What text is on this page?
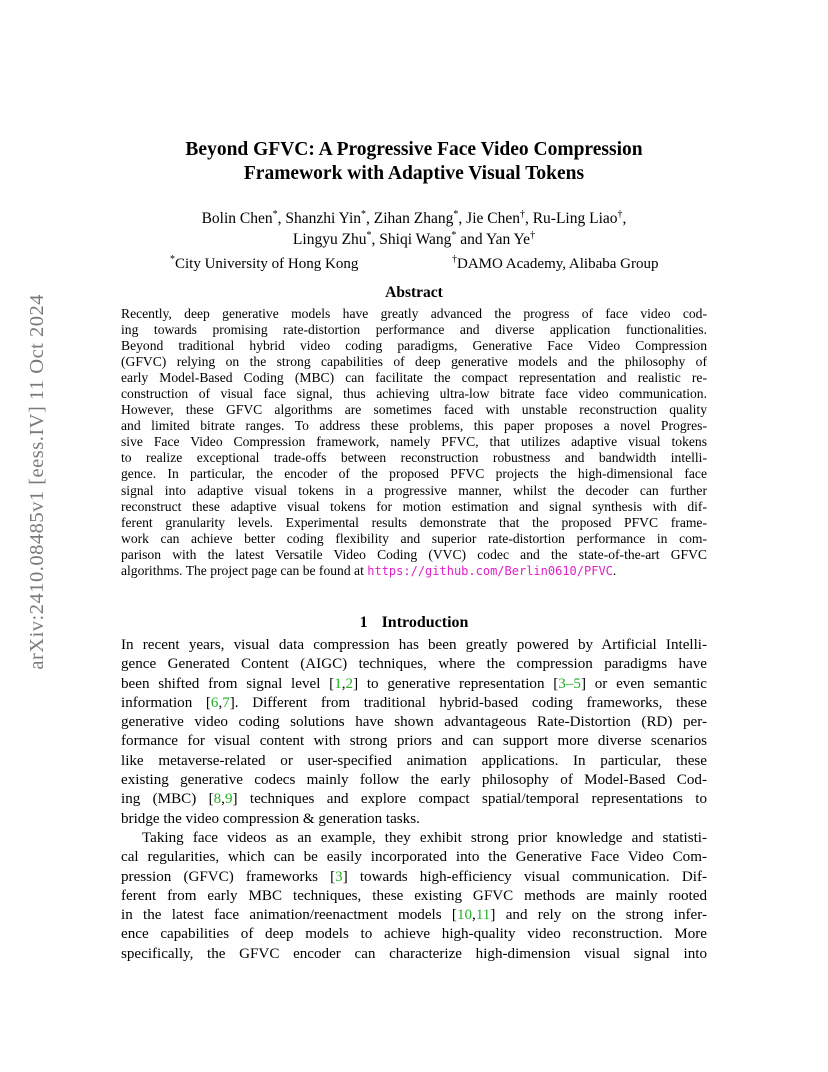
arXiv:2410.08485v1 [eess.IV] 11 Oct 2024
Beyond GFVC: A Progressive Face Video Compression
Framework with Adaptive Visual Tokens
Bolin Chen*, Shanzhi Yin*, Zihan Zhang*, Jie Chen†, Ru-Ling Liao†,
Lingyu Zhu*, Shiqi Wang* and Yan Ye†
*City University of Hong Kong	†DAMO Academy, Alibaba Group
Abstract
Recently, deep generative models have greatly advanced the progress of face video cod-
ing towards promising rate-distortion performance and diverse application functionalities.
Beyond traditional hybrid video coding paradigms, Generative Face Video Compression
(GFVC) relying on the strong capabilities of deep generative models and the philosophy of
early Model-Based Coding (MBC) can facilitate the compact representation and realistic re-
construction of visual face signal, thus achieving ultra-low bitrate face video communication.
However, these GFVC algorithms are sometimes faced with unstable reconstruction quality
and limited bitrate ranges. To address these problems, this paper proposes a novel Progres-
sive Face Video Compression framework, namely PFVC, that utilizes adaptive visual tokens
to realize exceptional trade-offs between reconstruction robustness and bandwidth intelli-
gence. In particular, the encoder of the proposed PFVC projects the high-dimensional face
signal into adaptive visual tokens in a progressive manner, whilst the decoder can further
reconstruct these adaptive visual tokens for motion estimation and signal synthesis with dif-
ferent granularity levels. Experimental results demonstrate that the proposed PFVC frame-
work can achieve better coding flexibility and superior rate-distortion performance in com-
parison with the latest Versatile Video Coding (VVC) codec and the state-of-the-art GFVC
algorithms. The project page can be found at https://github.com/Berlin0610/PFVC.
1 Introduction
In recent years, visual data compression has been greatly powered by Artificial Intelli-
gence Generated Content (AIGC) techniques, where the compression paradigms have
been shifted from signal level [1,2] to generative representation [3–5] or even semantic
information [6,7]. Different from traditional hybrid-based coding frameworks, these
generative video coding solutions have shown advantageous Rate-Distortion (RD) per-
formance for visual content with strong priors and can support more diverse scenarios
like metaverse-related or user-specified animation applications. In particular, these
existing generative codecs mainly follow the early philosophy of Model-Based Cod-
ing (MBC) [8,9] techniques and explore compact spatial/temporal representations to
bridge the video compression & generation tasks.
Taking face videos as an example, they exhibit strong prior knowledge and statisti-
cal regularities, which can be easily incorporated into the Generative Face Video Com-
pression (GFVC) frameworks [3] towards high-efficiency visual communication. Dif-
ferent from early MBC techniques, these existing GFVC methods are mainly rooted
in the latest face animation/reenactment models [10,11] and rely on the strong infer-
ence capabilities of deep models to achieve high-quality video reconstruction. More
specifically, the GFVC encoder can characterize high-dimension visual signal into
